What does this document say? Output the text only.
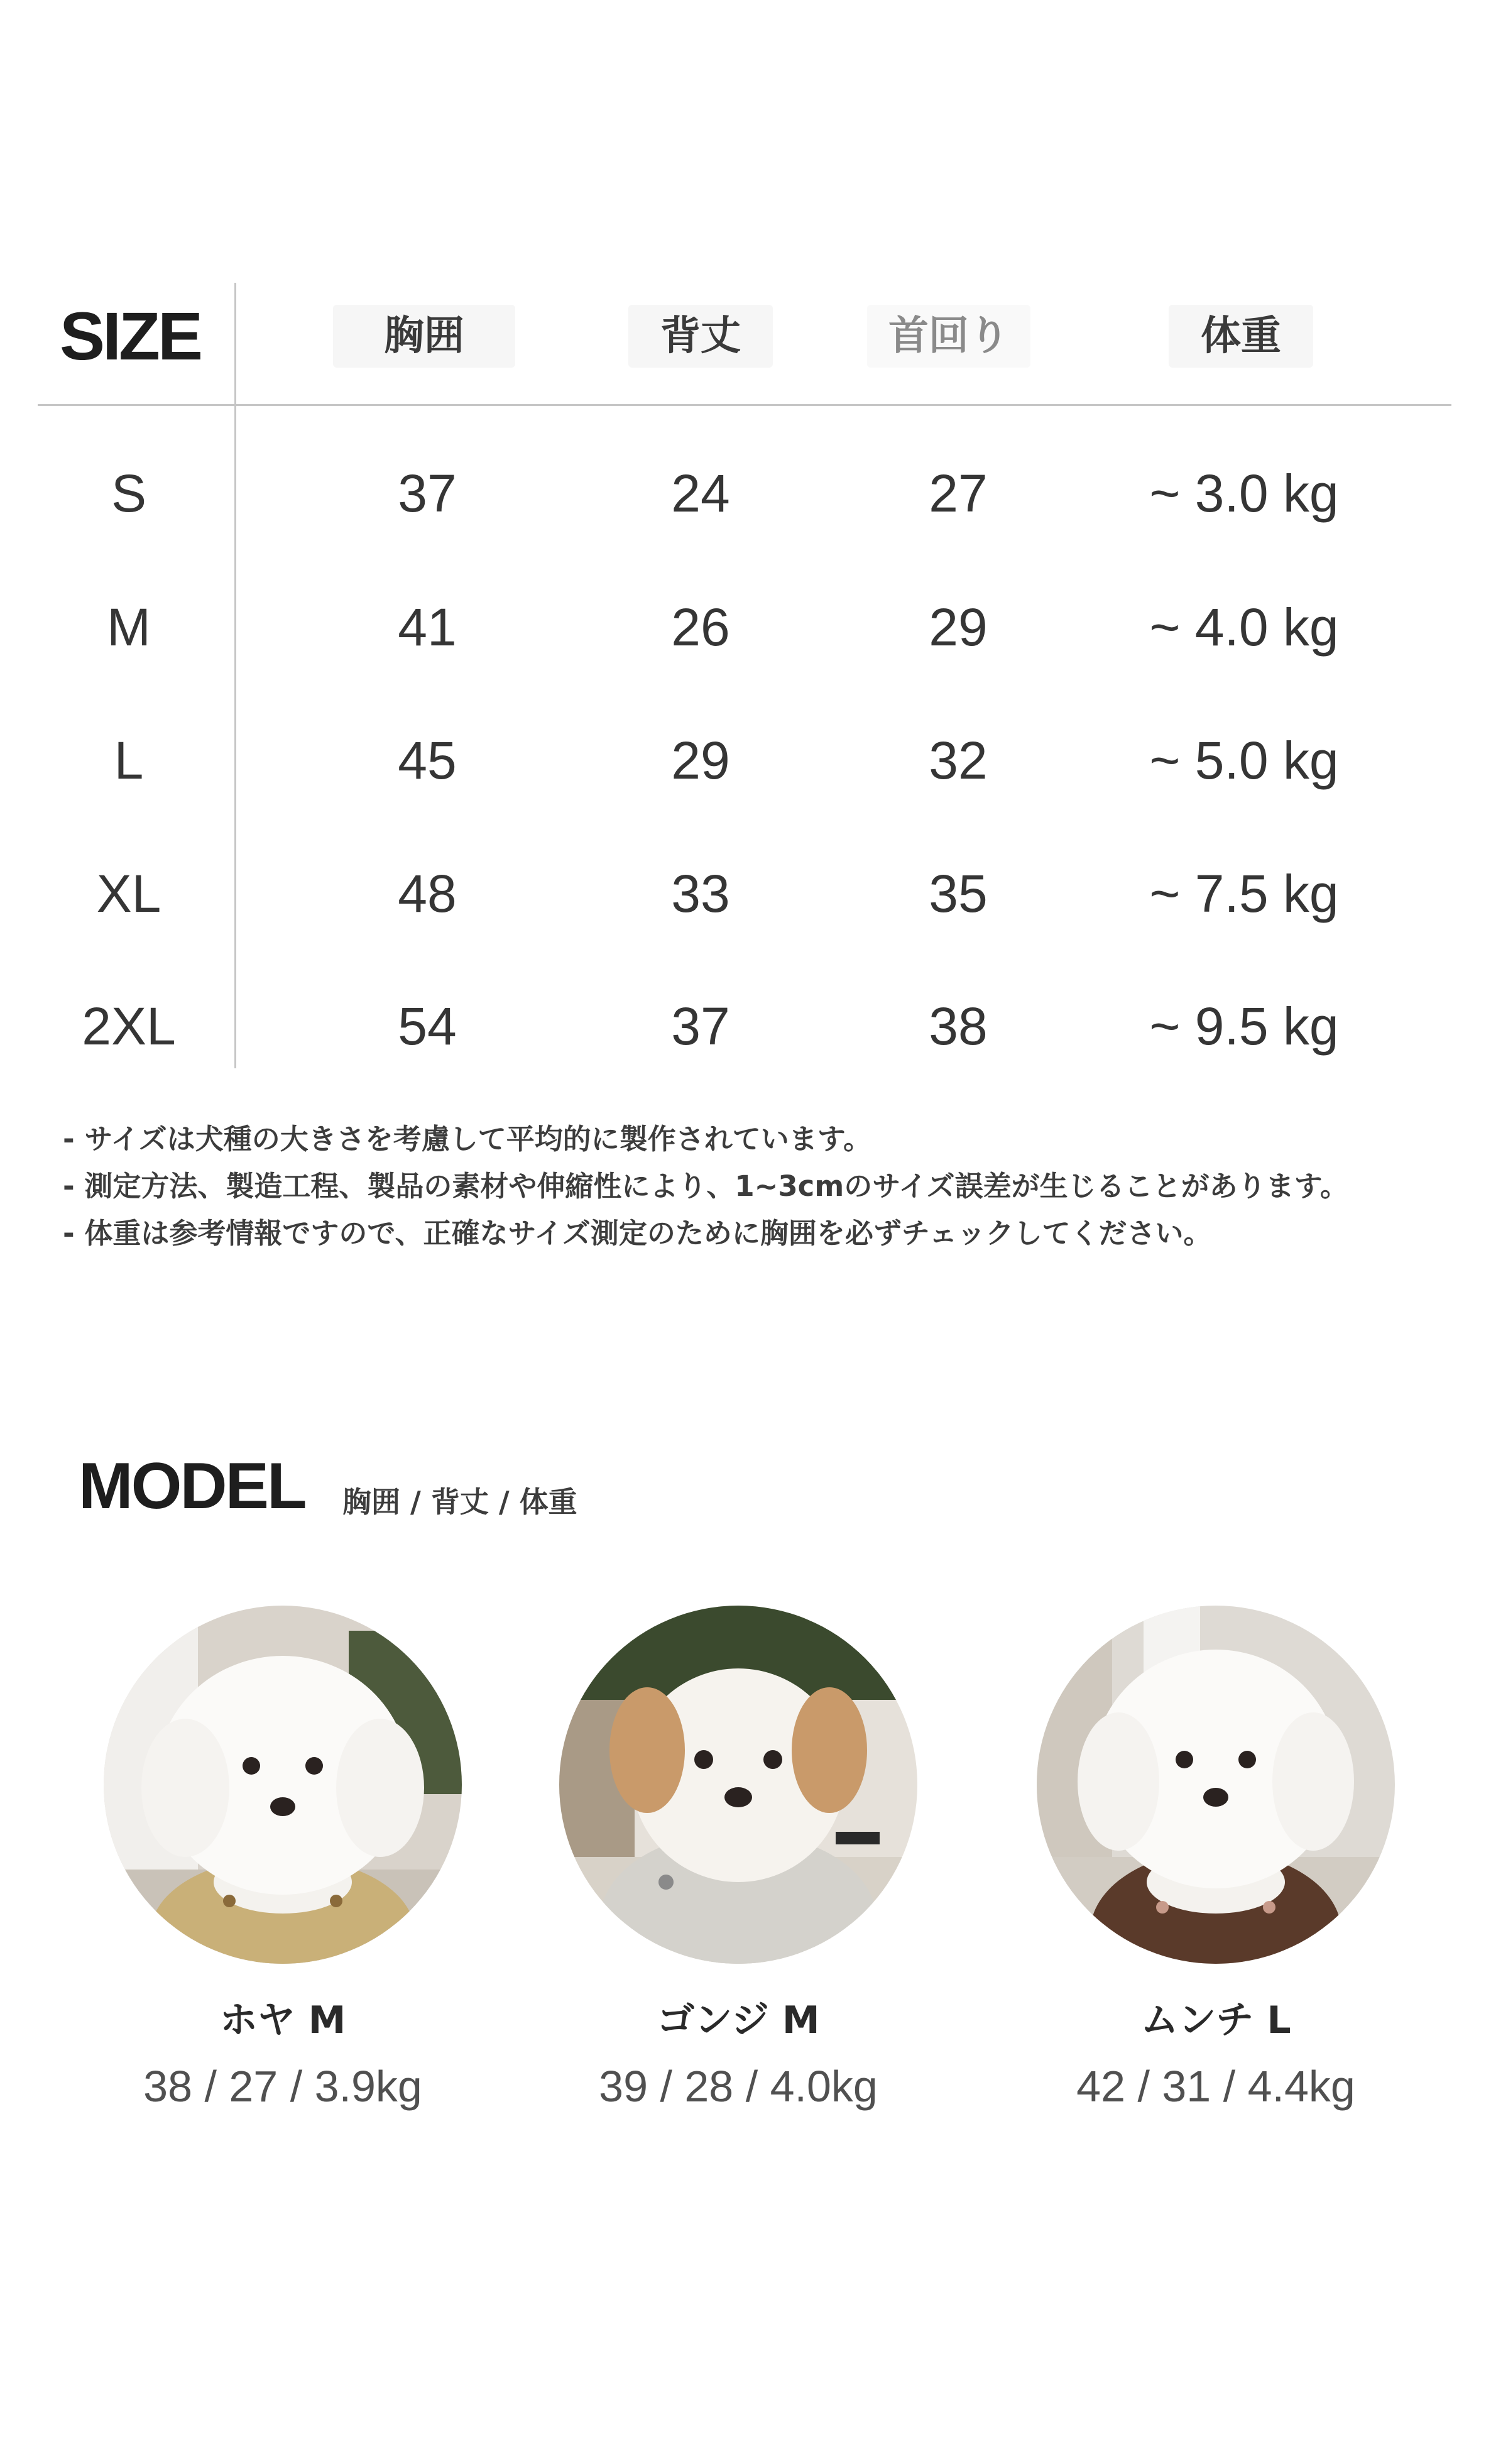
SIZE	胸囲	背丈	首回り	体重
S	37	24	27	~ 3.0 kg
M	41	26	29	~ 4.0 kg
L	45	29	32	~ 5.0 kg
XL	48	33	35	~ 7.5 kg
2XL	54	37	38	~ 9.5 kg
- サイズは犬種の大きさを考慮して平均的に製作されています。
- 測定方法、製造工程、製品の素材や伸縮性により、1~3cmのサイズ誤差が生じることがあります。
- 体重は参考情報ですので、正確なサイズ測定のために胸囲を必ずチェックしてください。
MODEL 胸囲 / 背丈 / 体重
ホヤ M
38 / 27 / 3.9kg
ゴンジ M
39 / 28 / 4.0kg
ムンチ L
42 / 31 / 4.4kg
